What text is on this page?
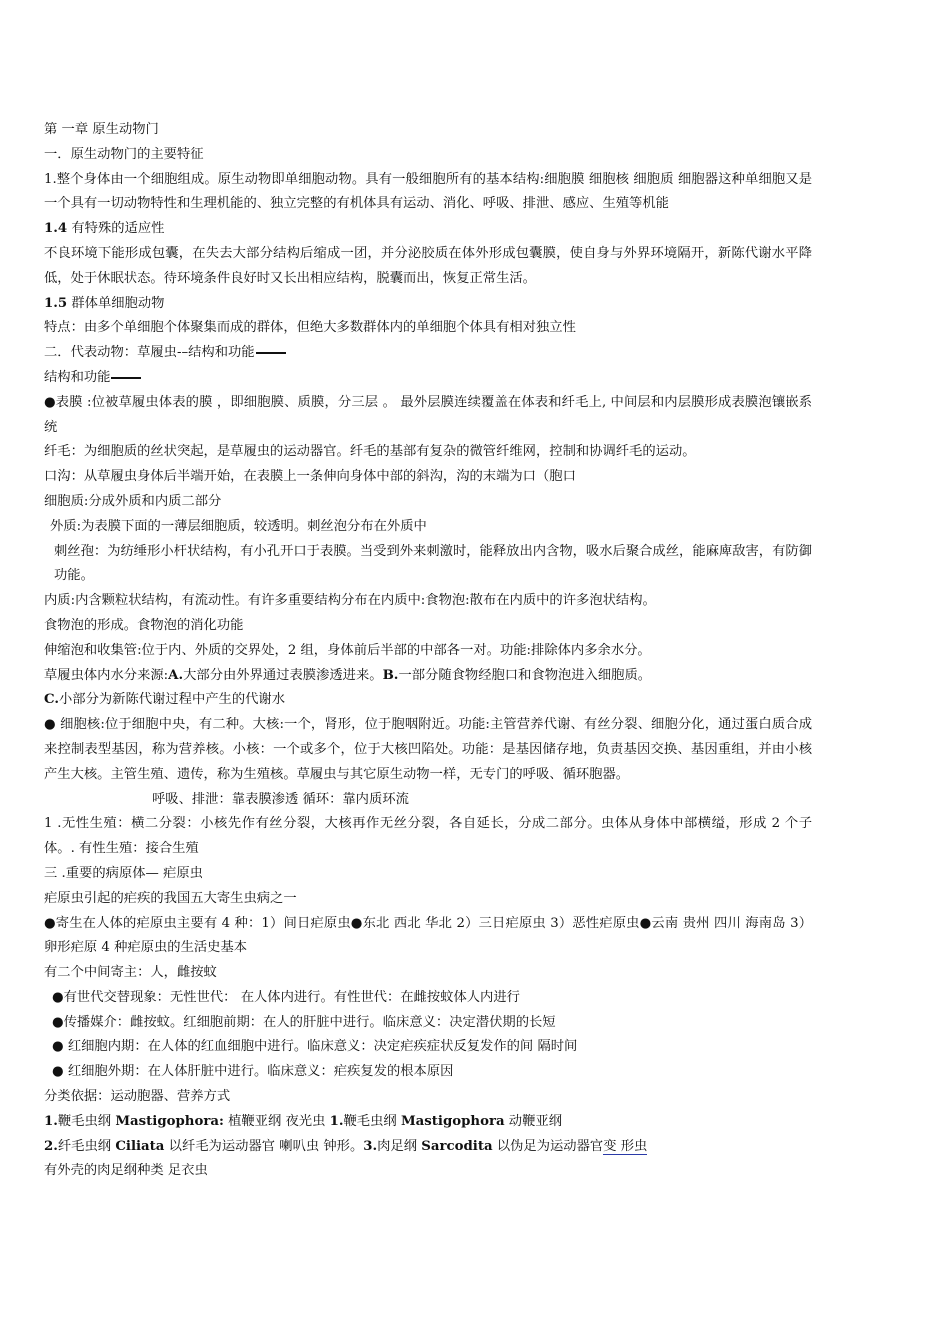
第 一章 原生动物门
一．原生动物门的主要特征
1.整个身体由一个细胞组成。原生动物即单细胞动物。具有一般细胞所有的基本结构:细胞膜 细胞核 细胞质 细胞器这种单细胞又是一个具有一切动物特性和生理机能的、独立完整的有机体具有运动、消化、呼吸、排泄、感应、生殖等机能
1.4 有特殊的适应性
不良环境下能形成包囊，在失去大部分结构后缩成一团，并分泌胶质在体外形成包囊膜，使自身与外界环境隔开，新陈代谢水平降低，处于休眠状态。待环境条件良好时又长出相应结构，脱囊而出，恢复正常生活。
1.5 群体单细胞动物
特点：由多个单细胞个体聚集而成的群体，但绝大多数群体内的单细胞个体具有相对独立性
二．代表动物：草履虫-–结构和功能
结构和功能
●表膜 :位被草履虫体表的膜 ，即细胞膜、质膜，分三层 。 最外层膜连续覆盖在体表和纤毛上, 中间层和内层膜形成表膜泡镶嵌系统
纤毛：为细胞质的丝状突起，是草履虫的运动器官。纤毛的基部有复杂的微管纤维网，控制和协调纤毛的运动。
口沟：从草履虫身体后半端开始，在表膜上一条伸向身体中部的斜沟，沟的末端为口（胞口
细胞质:分成外质和内质二部分
外质:为表膜下面的一薄层细胞质，较透明。刺丝泡分布在外质中
刺丝孢：为纺缍形小杆状结构，有小孔开口于表膜。当受到外来刺激时，能释放出内含物，吸水后聚合成丝，能麻庳敌害，有防御功能。
内质:内含颗粒状结构，有流动性。有许多重要结构分布在内质中:食物泡:散布在内质中的许多泡状结构。
食物泡的形成。食物泡的消化功能
伸缩泡和收集管:位于内、外质的交界处，2 组，身体前后半部的中部各一对。功能:排除体内多余水分。
草履虫体内水分来源:A.大部分由外界通过表膜渗透进来。B.一部分随食物经胞口和食物泡进入细胞质。
C.小部分为新陈代谢过程中产生的代谢水
● 细胞核:位于细胞中央，有二种。大核:一个，肾形，位于胞咽附近。功能:主管营养代谢、有丝分裂、细胞分化，通过蛋白质合成来控制表型基因，称为营养核。小核：一个或多个，位于大核凹陷处。功能：是基因储存地，负责基因交换、基因重组，并由小核产生大核。主管生殖、遗传，称为生殖核。草履虫与其它原生动物一样，无专门的呼吸、循环胞器。
呼吸、排泄：靠表膜渗透 循环：靠内质环流
1 .无性生殖：横二分裂：小核先作有丝分裂，大核再作无丝分裂，各自延长，分成二部分。虫体从身体中部横缢，形成 2 个子体。. 有性生殖：接合生殖
三 .重要的病原体— 疟原虫
疟原虫引起的疟疾的我国五大寄生虫病之一
●寄生在人体的疟原虫主要有 4 种：1）间日疟原虫●东北 西北 华北 2）三日疟原虫 3）恶性疟原虫●云南 贵州 四川 海南岛 3）卵形疟原 4 种疟原虫的生活史基本
有二个中间寄主：人，雌按蚊
●有世代交替现象：无性世代： 在人体内进行。有性世代：在雌按蚊体人内进行
●传播媒介：雌按蚊。红细胞前期：在人的肝脏中进行。临床意义：决定潜伏期的长短
● 红细胞内期：在人体的红血细胞中进行。临床意义：决定疟疾症状反复发作的间 隔时间
● 红细胞外期：在人体肝脏中进行。临床意义：疟疾复发的根本原因
分类依据：运动胞器、营养方式
1.鞭毛虫纲 Mastigophora: 植鞭亚纲 夜光虫 1.鞭毛虫纲 Mastigophora 动鞭亚纲
2.纤毛虫纲 Ciliata 以纤毛为运动器官 喇叭虫 钟形。3.肉足纲 Sarcodita 以伪足为运动器官变 形虫
有外壳的肉足纲种类 足衣虫
